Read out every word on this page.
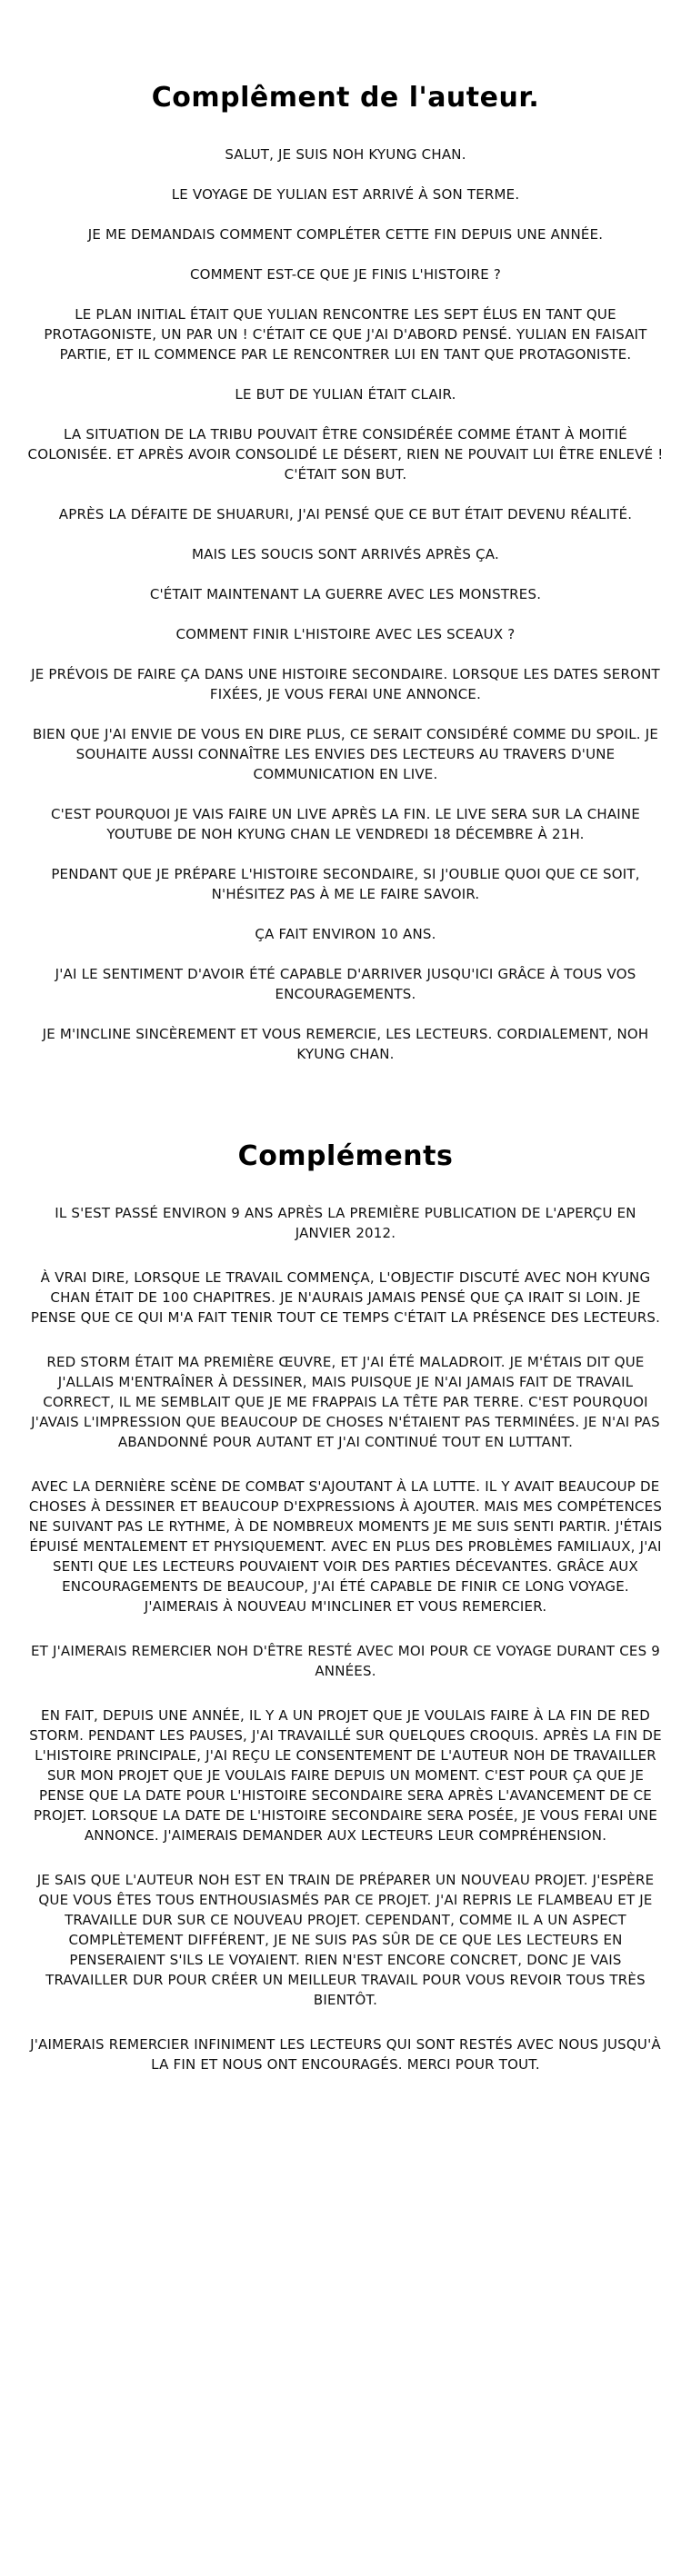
Complêment de l'auteur.

SALUT, JE SUIS NOH KYUNG CHAN.

LE VOYAGE DE YULIAN EST ARRIVÉ À SON TERME.

JE ME DEMANDAIS COMMENT COMPLÉTER CETTE FIN DEPUIS UNE ANNÉE.

COMMENT EST-CE QUE JE FINIS L'HISTOIRE ?

LE PLAN INITIAL ÉTAIT QUE YULIAN RENCONTRE LES SEPT ÉLUS EN TANT QUE PROTAGONISTE, UN PAR UN ! C'ÉTAIT CE QUE J'AI D'ABORD PENSÉ. YULIAN EN FAISAIT PARTIE, ET IL COMMENCE PAR LE RENCONTRER LUI EN TANT QUE PROTAGONISTE.

LE BUT DE YULIAN ÉTAIT CLAIR.

LA SITUATION DE LA TRIBU POUVAIT ÊTRE CONSIDÉRÉE COMME ÉTANT À MOITIÉ COLONISÉE. ET APRÈS AVOIR CONSOLIDÉ LE DÉSERT, RIEN NE POUVAIT LUI ÊTRE ENLEVÉ ! C'ÉTAIT SON BUT.

APRÈS LA DÉFAITE DE SHUARURI, J'AI PENSÉ QUE CE BUT ÉTAIT DEVENU RÉALITÉ.

MAIS LES SOUCIS SONT ARRIVÉS APRÈS ÇA.

C'ÉTAIT MAINTENANT LA GUERRE AVEC LES MONSTRES.

COMMENT FINIR L'HISTOIRE AVEC LES SCEAUX ?

JE PRÉVOIS DE FAIRE ÇA DANS UNE HISTOIRE SECONDAIRE. LORSQUE LES DATES SERONT FIXÉES, JE VOUS FERAI UNE ANNONCE.

BIEN QUE J'AI ENVIE DE VOUS EN DIRE PLUS, CE SERAIT CONSIDÉRÉ COMME DU SPOIL. JE SOUHAITE AUSSI CONNAÎTRE LES ENVIES DES LECTEURS AU TRAVERS D'UNE COMMUNICATION EN LIVE.

C'EST POURQUOI JE VAIS FAIRE UN LIVE APRÈS LA FIN. LE LIVE SERA SUR LA CHAINE YOUTUBE DE NOH KYUNG CHAN LE VENDREDI 18 DÉCEMBRE À 21H.

PENDANT QUE JE PRÉPARE L'HISTOIRE SECONDAIRE, SI J'OUBLIE QUOI QUE CE SOIT, N'HÉSITEZ PAS À ME LE FAIRE SAVOIR.

ÇA FAIT ENVIRON 10 ANS.

J'AI LE SENTIMENT D'AVOIR ÉTÉ CAPABLE D'ARRIVER JUSQU'ICI GRÂCE À TOUS VOS ENCOURAGEMENTS.

JE M'INCLINE SINCÈREMENT ET VOUS REMERCIE, LES LECTEURS. CORDIALEMENT, NOH KYUNG CHAN.

Compléments

IL S'EST PASSÉ ENVIRON 9 ANS APRÈS LA PREMIÈRE PUBLICATION DE L'APERÇU EN JANVIER 2012.

À VRAI DIRE, LORSQUE LE TRAVAIL COMMENÇA, L'OBJECTIF DISCUTÉ AVEC NOH KYUNG CHAN ÉTAIT DE 100 CHAPITRES. JE N'AURAIS JAMAIS PENSÉ QUE ÇA IRAIT SI LOIN. JE PENSE QUE CE QUI M'A FAIT TENIR TOUT CE TEMPS C'ÉTAIT LA PRÉSENCE DES LECTEURS.

RED STORM ÉTAIT MA PREMIÈRE ŒUVRE, ET J'AI ÉTÉ MALADROIT. JE M'ÉTAIS DIT QUE J'ALLAIS M'ENTRAÎNER À DESSINER, MAIS PUISQUE JE N'AI JAMAIS FAIT DE TRAVAIL CORRECT, IL ME SEMBLAIT QUE JE ME FRAPPAIS LA TÊTE PAR TERRE. C'EST POURQUOI J'AVAIS L'IMPRESSION QUE BEAUCOUP DE CHOSES N'ÉTAIENT PAS TERMINÉES. JE N'AI PAS ABANDONNÉ POUR AUTANT ET J'AI CONTINUÉ TOUT EN LUTTANT.

AVEC LA DERNIÈRE SCÈNE DE COMBAT S'AJOUTANT À LA LUTTE. IL Y AVAIT BEAUCOUP DE CHOSES À DESSINER ET BEAUCOUP D'EXPRESSIONS À AJOUTER. MAIS MES COMPÉTENCES NE SUIVANT PAS LE RYTHME, À DE NOMBREUX MOMENTS JE ME SUIS SENTI PARTIR. J'ÉTAIS ÉPUISÉ MENTALEMENT ET PHYSIQUEMENT. AVEC EN PLUS DES PROBLÈMES FAMILIAUX, J'AI SENTI QUE LES LECTEURS POUVAIENT VOIR DES PARTIES DÉCEVANTES. GRÂCE AUX ENCOURAGEMENTS DE BEAUCOUP, J'AI ÉTÉ CAPABLE DE FINIR CE LONG VOYAGE. J'AIMERAIS À NOUVEAU M'INCLINER ET VOUS REMERCIER.

ET J'AIMERAIS REMERCIER NOH D'ÊTRE RESTÉ AVEC MOI POUR CE VOYAGE DURANT CES 9 ANNÉES.

EN FAIT, DEPUIS UNE ANNÉE, IL Y A UN PROJET QUE JE VOULAIS FAIRE À LA FIN DE RED STORM. PENDANT LES PAUSES, J'AI TRAVAILLÉ SUR QUELQUES CROQUIS. APRÈS LA FIN DE L'HISTOIRE PRINCIPALE, J'AI REÇU LE CONSENTEMENT DE L'AUTEUR NOH DE TRAVAILLER SUR MON PROJET QUE JE VOULAIS FAIRE DEPUIS UN MOMENT. C'EST POUR ÇA QUE JE PENSE QUE LA DATE POUR L'HISTOIRE SECONDAIRE SERA APRÈS L'AVANCEMENT DE CE PROJET. LORSQUE LA DATE DE L'HISTOIRE SECONDAIRE SERA POSÉE, JE VOUS FERAI UNE ANNONCE. J'AIMERAIS DEMANDER AUX LECTEURS LEUR COMPRÉHENSION.

JE SAIS QUE L'AUTEUR NOH EST EN TRAIN DE PRÉPARER UN NOUVEAU PROJET. J'ESPÈRE QUE VOUS ÊTES TOUS ENTHOUSIASMÉS PAR CE PROJET. J'AI REPRIS LE FLAMBEAU ET JE TRAVAILLE DUR SUR CE NOUVEAU PROJET. CEPENDANT, COMME IL A UN ASPECT COMPLÈTEMENT DIFFÉRENT, JE NE SUIS PAS SÛR DE CE QUE LES LECTEURS EN PENSERAIENT S'ILS LE VOYAIENT. RIEN N'EST ENCORE CONCRET, DONC JE VAIS TRAVAILLER DUR POUR CRÉER UN MEILLEUR TRAVAIL POUR VOUS REVOIR TOUS TRÈS BIENTÔT.

J'AIMERAIS REMERCIER INFINIMENT LES LECTEURS QUI SONT RESTÉS AVEC NOUS JUSQU'À LA FIN ET NOUS ONT ENCOURAGÉS. MERCI POUR TOUT.
